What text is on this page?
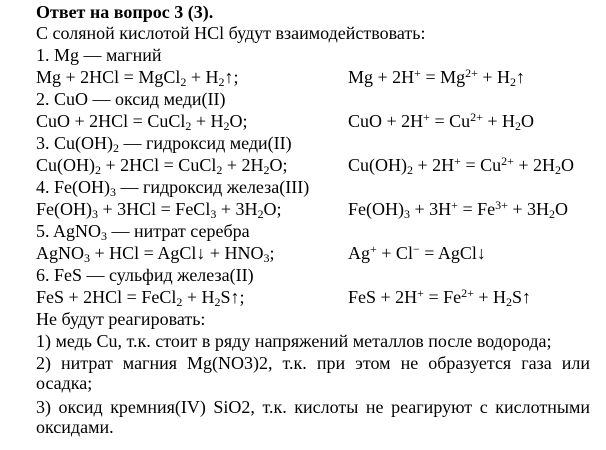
Ответ на вопрос 3 (3).
С соляной кислотой HCl будут взаимодействовать:
1. Mg — магний
Mg + 2HCl = MgCl$_2$ + $H_2↑$;	$Mg + 2H^+ = Mg^{2+}$ + $H_2↑$
2. CuO — оксид меди(II)
CuO + 2HCl = CuCl$_2$ + $H_2O$;	CuO + $2H^+ = Cu^{2+} + H_2O$
3. $Cu(OH)_2$ — гидроксид меди(II)
$Cu(OH)_2 + 2HCl$ = CuCl$_2$ + $2H_2O$;	$Cu(OH)_2 + 2H^+ = Cu^{2+} + 2H_2O$
4. $Fe(OH)_3$ — гидроксид железа(III)
$Fe(OH)_3 + 3HCl$ = FeCl$_3$ + $3H_2O$;	$Fe(OH)_3 + 3H^+ = Fe^{3+} + 3H_2O$
5. AgNO$_3$ — нитрат серебра
AgNO$_3$ + HCl = AgCl↓ + $HNO_3$;	Ag+ + Cl− = AgCl↓
6. FeS — сульфид железа(II)
FeS + 2HCl = FeCl$_2$ + $H_2S↑$;	FeS + $2H^+ = Fe^{2+}$ + $H_2S↑$
Не будут реагировать:
1) медь Cu, т.к. стоит в ряду напряжений металлов после водорода;
2) нитрат магния Mg(NO3)2, т.к. при этом не образуется газа или осадка;
3) оксид кремния(IV) SiO2, т.к. кислоты не реагируют с кислотными оксидами.
